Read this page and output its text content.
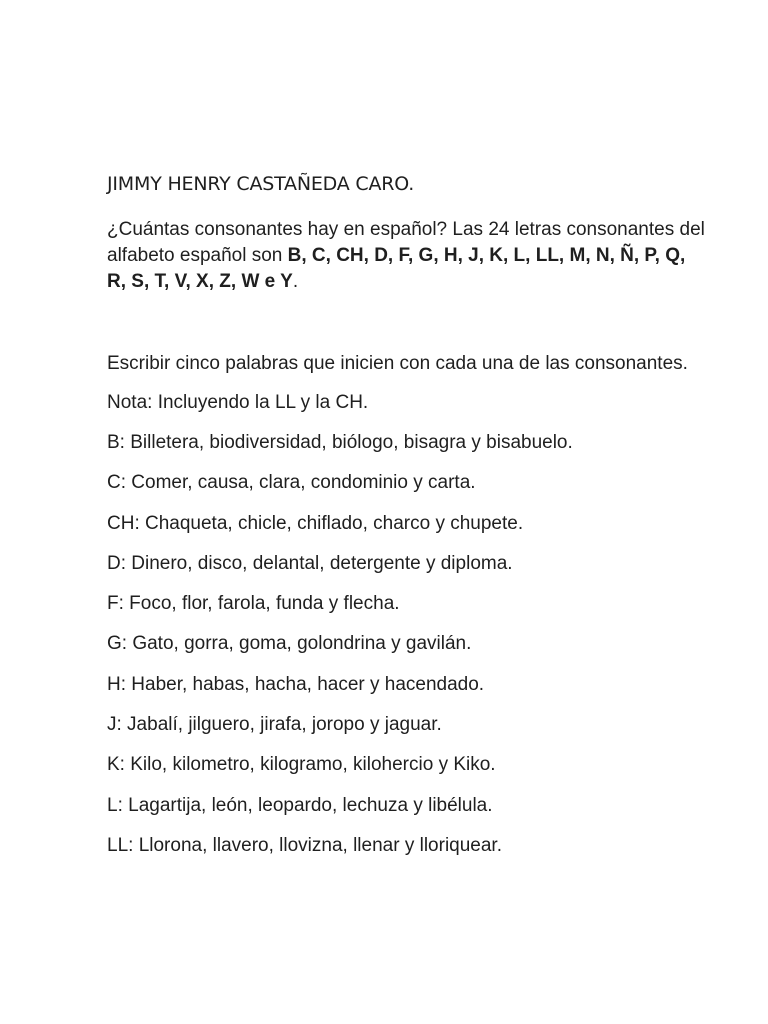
JIMMY HENRY CASTAÑEDA CARO.

¿Cuántas consonantes hay en español? Las 24 letras consonantes del alfabeto español son B, C, CH, D, F, G, H, J, K, L, LL, M, N, Ñ, P, Q, R, S, T, V, X, Z, W e Y.

Escribir cinco palabras que inicien con cada una de las consonantes.

Nota: Incluyendo la LL y la CH.

B: Billetera, biodiversidad, biólogo, bisagra y bisabuelo.
C: Comer, causa, clara, condominio y carta.
CH: Chaqueta, chicle, chiflado, charco y chupete.
D: Dinero, disco, delantal, detergente y diploma.
F: Foco, flor, farola, funda y flecha.
G: Gato, gorra, goma, golondrina y gavilán.
H: Haber, habas, hacha, hacer y hacendado.
J: Jabalí, jilguero, jirafa, joropo y jaguar.
K: Kilo, kilometro, kilogramo, kilohercio y Kiko.
L: Lagartija, león, leopardo, lechuza y libélula.
LL: Llorona, llavero, llovizna, llenar y lloriquear.
